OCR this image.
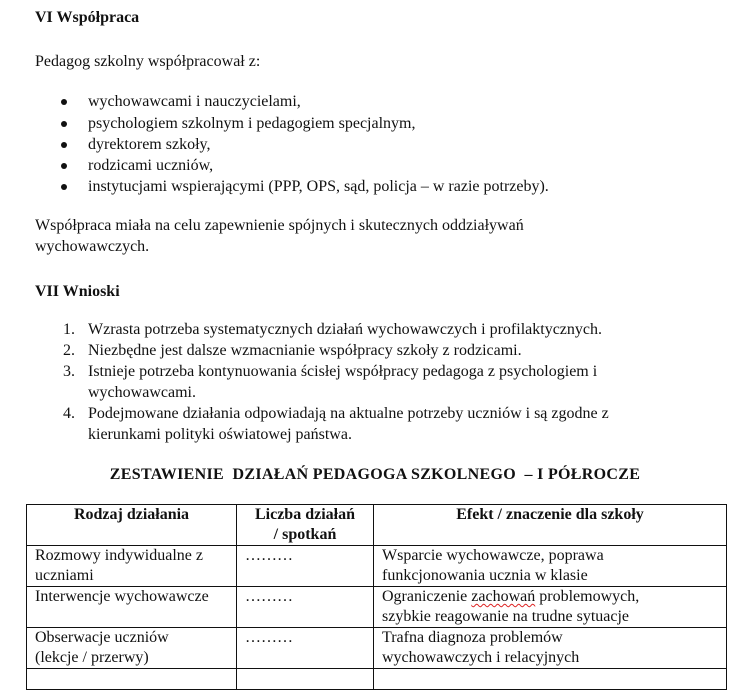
VI Współpraca
Pedagog szkolny współpracował z:
wychowawcami i nauczycielami,
psychologiem szkolnym i pedagogiem specjalnym,
dyrektorem szkoły,
rodzicami uczniów,
instytucjami wspierającymi (PPP, OPS, sąd, policja – w razie potrzeby).
Współpraca miała na celu zapewnienie spójnych i skutecznych oddziaływań
wychowawczych.
VII Wnioski
1. Wzrasta potrzeba systematycznych działań wychowawczych i profilaktycznych.
2. Niezbędne jest dalsze wzmacnianie współpracy szkoły z rodzicami.
3. Istnieje potrzeba kontynuowania ścisłej współpracy pedagoga z psychologiem i
wychowawcami.
4. Podejmowane działania odpowiadają na aktualne potrzeby uczniów i są zgodne z
kierunkami polityki oświatowej państwa.
ZESTAWIENIE  DZIAŁAŃ PEDAGOGA SZKOLNEGO  – I PÓŁROCZE
Rodzaj działania	Liczba działań
/ spotkań	Efekt / znaczenie dla szkoły
Rozmowy indywidualne z
uczniami	………	Wsparcie wychowawcze, poprawa
funkcjonowania ucznia w klasie
Interwencje wychowawcze	………	Ograniczenie zachowań problemowych,
szybkie reagowanie na trudne sytuacje
Obserwacje uczniów
(lekcje / przerwy)	………	Trafna diagnoza problemów
wychowawczych i relacyjnych
